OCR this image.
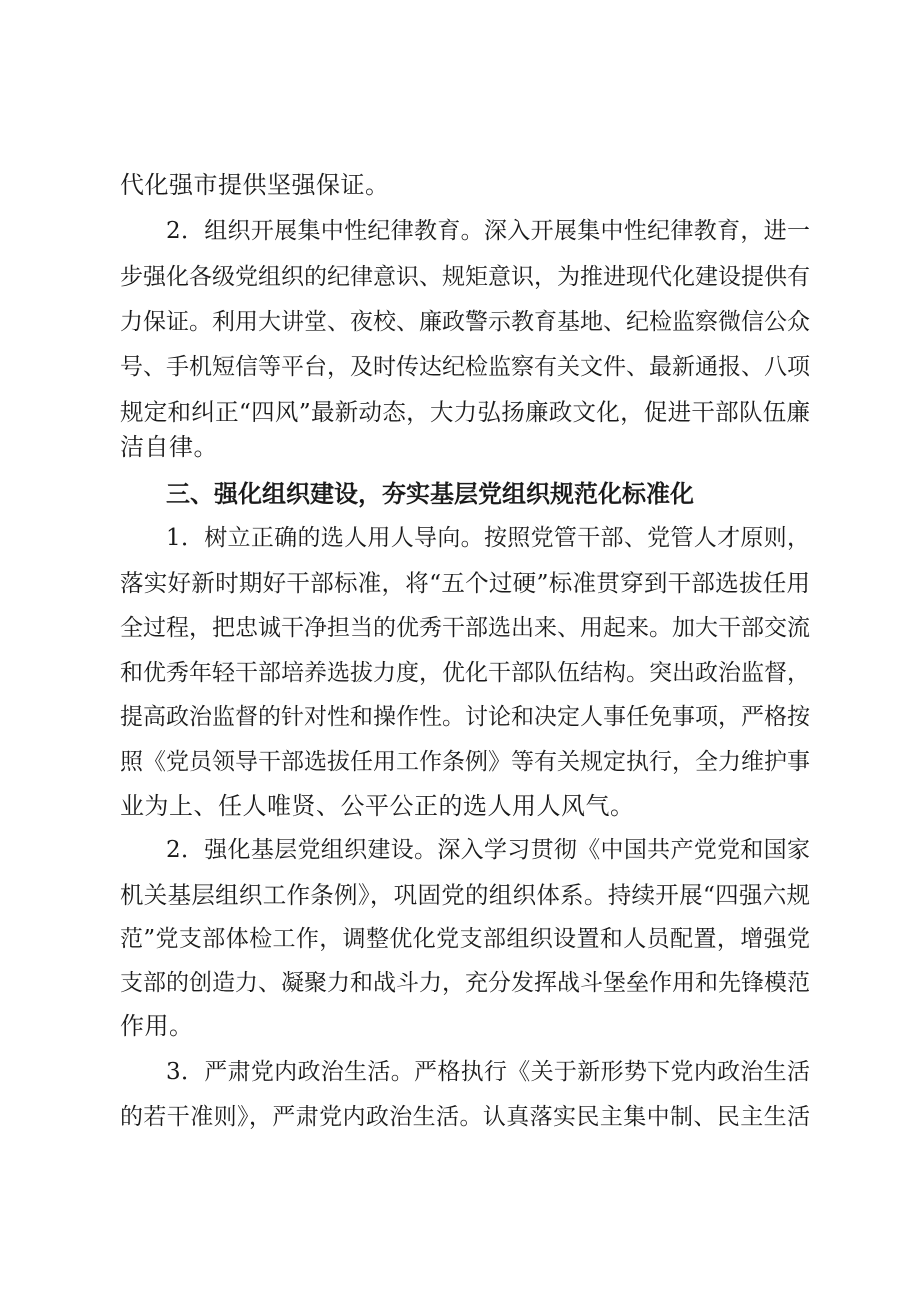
代化强市提供坚强保证。
2．组织开展集中性纪律教育。深入开展集中性纪律教育，进一
步强化各级党组织的纪律意识、规矩意识，为推进现代化建设提供有
力保证。利用大讲堂、夜校、廉政警示教育基地、纪检监察微信公众
号、手机短信等平台，及时传达纪检监察有关文件、最新通报、八项
规定和纠正“四风”最新动态，大力弘扬廉政文化，促进干部队伍廉
洁自律。
三、强化组织建设，夯实基层党组织规范化标准化
1．树立正确的选人用人导向。按照党管干部、党管人才原则，
落实好新时期好干部标准，将“五个过硬”标准贯穿到干部选拔任用
全过程，把忠诚干净担当的优秀干部选出来、用起来。加大干部交流
和优秀年轻干部培养选拔力度，优化干部队伍结构。突出政治监督，
提高政治监督的针对性和操作性。讨论和决定人事任免事项，严格按
照《党员领导干部选拔任用工作条例》等有关规定执行，全力维护事
业为上、任人唯贤、公平公正的选人用人风气。
2．强化基层党组织建设。深入学习贯彻《中国共产党党和国家
机关基层组织工作条例》，巩固党的组织体系。持续开展“四强六规
范”党支部体检工作，调整优化党支部组织设置和人员配置，增强党
支部的创造力、凝聚力和战斗力，充分发挥战斗堡垒作用和先锋模范
作用。
3．严肃党内政治生活。严格执行《关于新形势下党内政治生活
的若干准则》，严肃党内政治生活。认真落实民主集中制、民主生活
